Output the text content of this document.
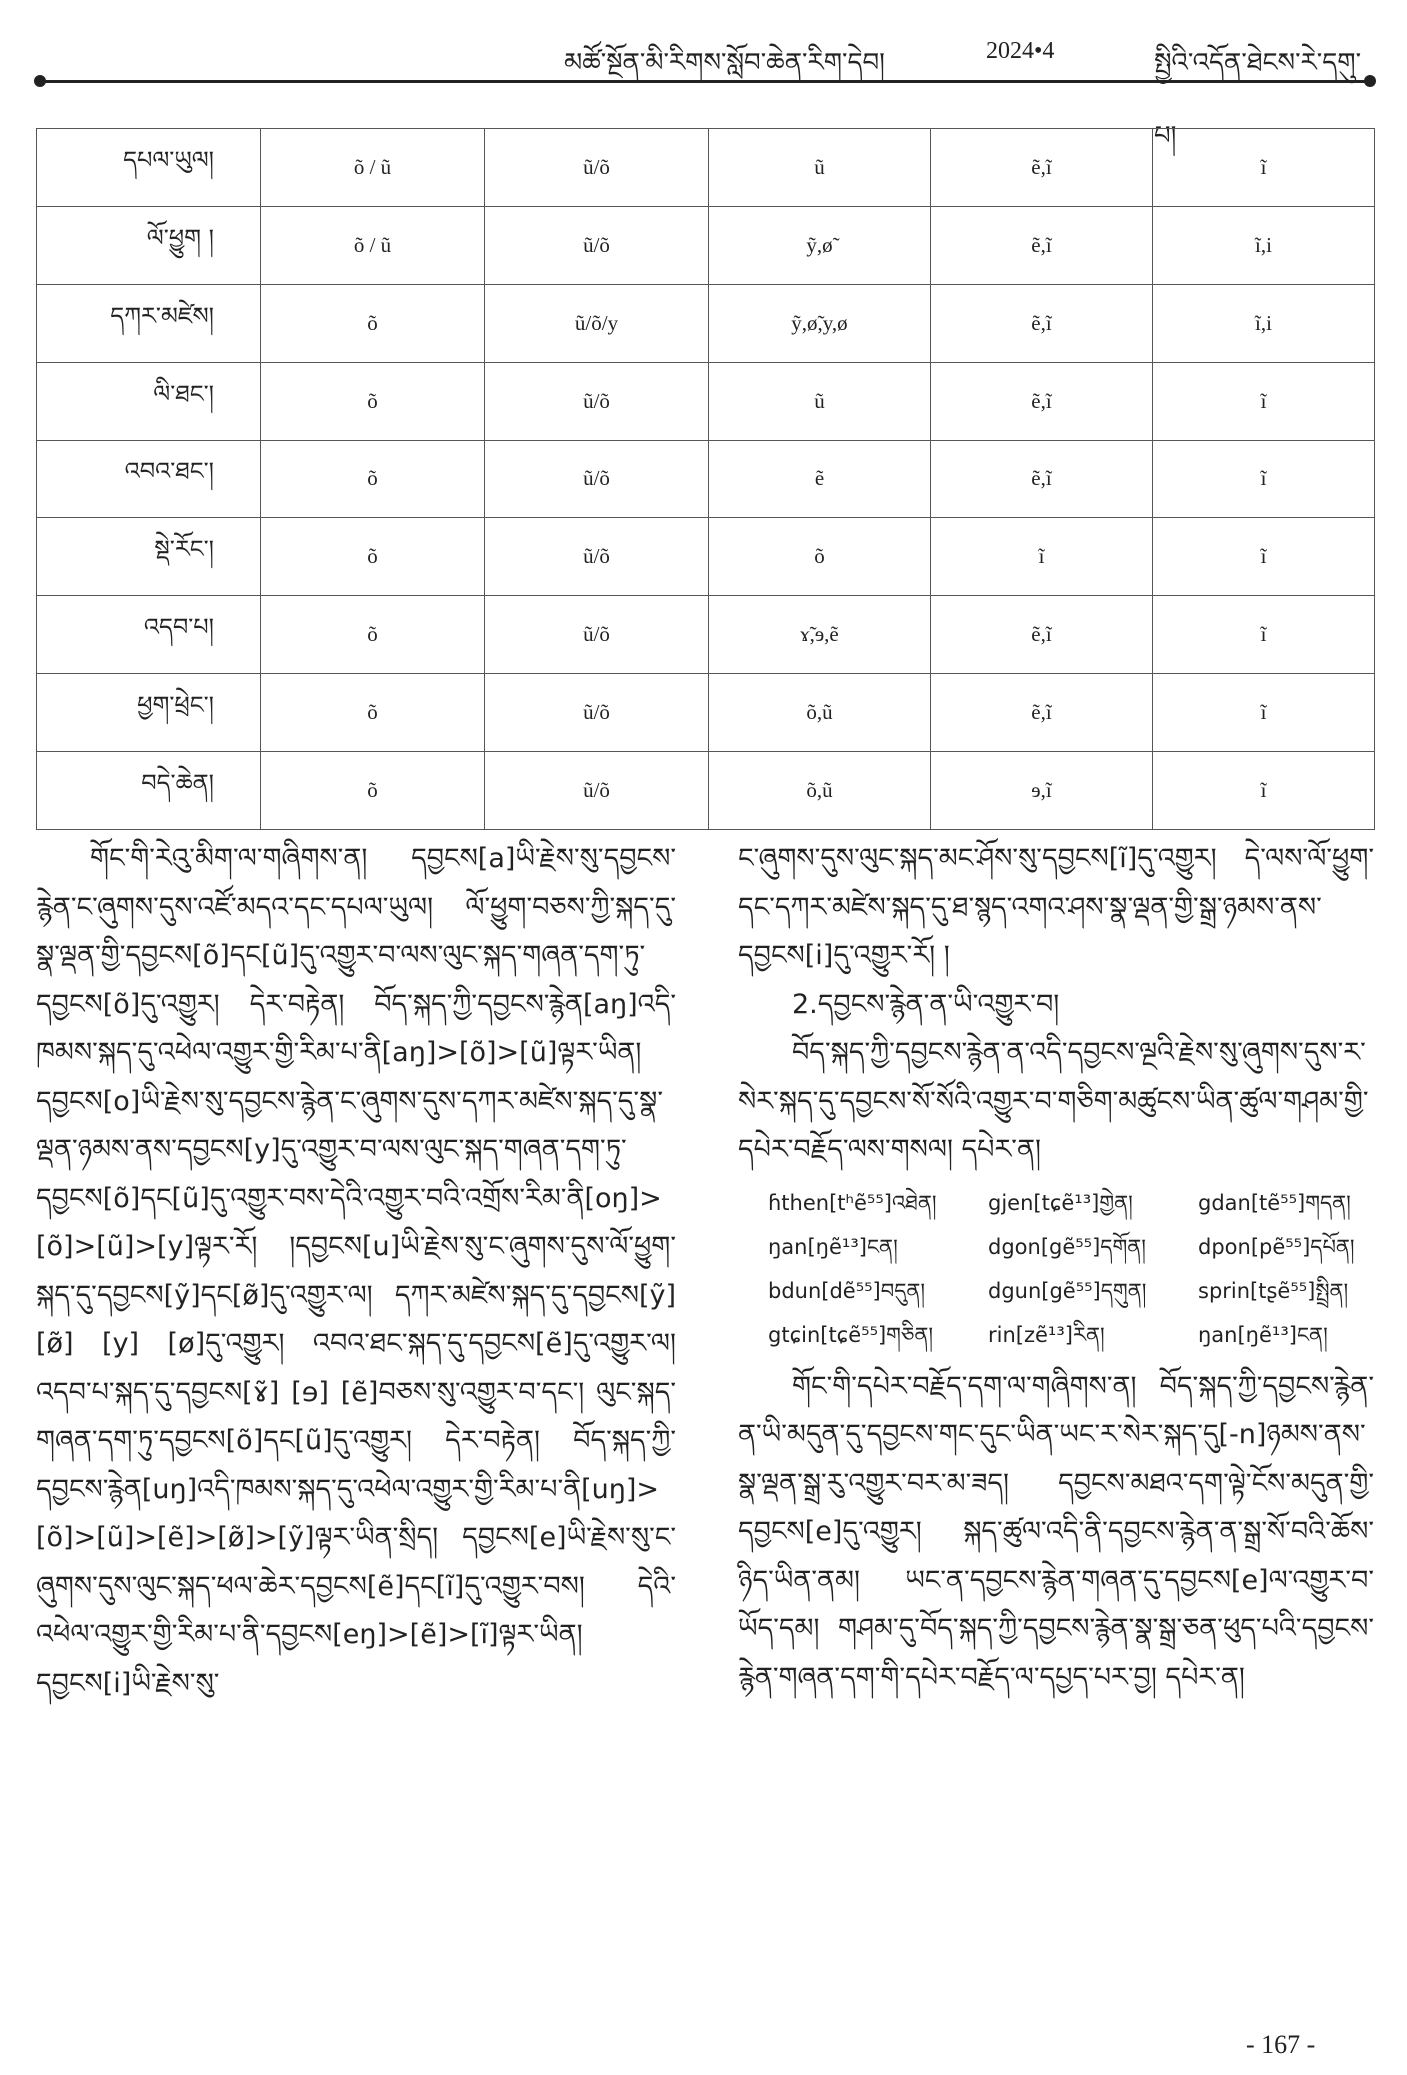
མཚོ་སྔོན་མི་རིགས་སློབ་ཆེན་རིག་དེབ།	2024•4	སྤྱིའི་འདོན་ཐེངས་རེ་དགུ་པ།
དཔལ་ཡུལ།	õ / ũ	ũ/õ	ũ	ẽ,ĩ	ĩ
ལོ་ཕྱུག །	õ / ũ	ũ/õ	ỹ,ø̃	ẽ,ĩ	ĩ,i
དཀར་མཛེས།	õ	ũ/õ/y	ỹ,ø̃,y,ø	ẽ,ĩ	ĩ,i
ལི་ཐང་།	õ	ũ/õ	ũ	ẽ,ĩ	ĩ
འབའ་ཐང་།	õ	ũ/õ	ẽ	ẽ,ĩ	ĩ
སྡེ་རོང་།	õ	ũ/õ	õ	ĩ	ĩ
འདབ་པ།	õ	ũ/õ	ɤ̃,ɘ,ẽ	ẽ,ĩ	ĩ
ཕྱག་ཕྲེང་།	õ	ũ/õ	õ,ũ	ẽ,ĩ	ĩ
བདེ་ཆེན།	õ	ũ/õ	õ,ũ	ɘ,ĩ	ĩ

གོང་གི་རེའུ་མིག་ལ་གཞིགས་ན། དབྱངས[a]ཡི་རྗེས་སུ་དབྱངས་རྙེན་ང་ཞུགས་དུས་འཛོ་མདའ་དང་དཔལ་ཡུལ། ལོ་ཕྱུག་བཅས་ཀྱི་སྐད་དུ་སྣ་ལྡན་གྱི་དབྱངས[õ]དང[ũ]དུ་འགྱུར་བ་ལས་ལུང་སྐད་གཞན་དག་ཏུ་དབྱངས[õ]དུ་འགྱུར། དེར་བརྟེན། བོད་སྐད་ཀྱི་དབྱངས་རྙེན[aŋ]འདི་ཁམས་སྐད་དུ་འཕེལ་འགྱུར་གྱི་རིམ་པ་ནི[aŋ]>[õ]>[ũ]ལྟར་ཡིན། དབྱངས[o]ཡི་རྗེས་སུ་དབྱངས་རྙེན་ང་ཞུགས་དུས་དཀར་མཛེས་སྐད་དུ་སྣ་ལྡན་ཉམས་ནས་དབྱངས[y]དུ་འགྱུར་བ་ལས་ལུང་སྐད་གཞན་དག་ཏུ་དབྱངས[õ]དང[ũ]དུ་འགྱུར་བས་དེའི་འགྱུར་བའི་འགྲོས་རིམ་ནི[oŋ]>[õ]>[ũ]>[y]ལྟར་རོ། །དབྱངས[u]ཡི་རྗེས་སུ་ང་ཞུགས་དུས་ལོ་ཕྱུག་སྐད་དུ་དབྱངས[ỹ]དང[ø̃]དུ་འགྱུར་ལ། དཀར་མཛེས་སྐད་དུ་དབྱངས[ỹ] [ø̃] [y] [ø]དུ་འགྱུར། འབའ་ཐང་སྐད་དུ་དབྱངས[ẽ]དུ་འགྱུར་ལ། འདབ་པ་སྐད་དུ་དབྱངས[ɤ̃] [ɘ] [ẽ]བཅས་སུ་འགྱུར་བ་དང་། ལུང་སྐད་གཞན་དག་ཏུ་དབྱངས[õ]དང[ũ]དུ་འགྱུར། དེར་བརྟེན། བོད་སྐད་ཀྱི་དབྱངས་རྙེན[uŋ]འདི་ཁམས་སྐད་དུ་འཕེལ་འགྱུར་གྱི་རིམ་པ་ནི[uŋ]>[õ]>[ũ]>[ẽ]>[ø̃]>[ỹ]ལྟར་ཡིན་སྲིད། དབྱངས[e]ཡི་རྗེས་སུ་ང་ཞུགས་དུས་ལུང་སྐད་ཕལ་ཆེར་དབྱངས[ẽ]དང[ĩ]དུ་འགྱུར་བས། དེའི་འཕེལ་འགྱུར་གྱི་རིམ་པ་ནི་དབྱངས[eŋ]>[ẽ]>[ĩ]ལྟར་ཡིན། དབྱངས[i]ཡི་རྗེས་སུ་

ང་ཞུགས་དུས་ལུང་སྐད་མང་ཤོས་སུ་དབྱངས[ĩ]དུ་འགྱུར། དེ་ལས་ལོ་ཕྱུག་དང་དཀར་མཛེས་སྐད་དུ་ཐ་སྙད་འགའ་ཤས་སྣ་ལྡན་གྱི་སྒྲ་ཉམས་ནས་དབྱངས[i]དུ་འགྱུར་རོ། །

2.དབྱངས་རྙེན་ན་ཡི་འགྱུར་བ།

བོད་སྐད་ཀྱི་དབྱངས་རྙེན་ན་འདི་དབྱངས་ལྔའི་རྗེས་སུ་ཞུགས་དུས་ར་སེར་སྐད་དུ་དབྱངས་སོ་སོའི་འགྱུར་བ་གཅིག་མཚུངས་ཡིན་ཚུལ་གཤམ་གྱི་དཔེར་བརྗོད་ལས་གསལ། དཔེར་ན།

ɦthen[tʰẽ⁵⁵]འཐེན།	gjen[tɕẽ¹³]གྱེན།	gdan[tẽ⁵⁵]གདན།
ŋan[ŋẽ¹³]ངན།	dgon[gẽ⁵⁵]དགོན།	dpon[pẽ⁵⁵]དཔོན།
bdun[dẽ⁵⁵]བདུན།	dgun[gẽ⁵⁵]དགུན།	sprin[tʂẽ⁵⁵]སྤྲིན།
gtɕin[tɕẽ⁵⁵]གཅིན།	rin[zẽ¹³]རིན།	ŋan[ŋẽ¹³]ངན།

གོང་གི་དཔེར་བརྗོད་དག་ལ་གཞིགས་ན། བོད་སྐད་ཀྱི་དབྱངས་རྙེན་ན་ཡི་མདུན་དུ་དབྱངས་གང་དུང་ཡིན་ཡང་ར་སེར་སྐད་དུ[-n]ཉམས་ནས་སྣ་ལྡན་སྒྲ་རུ་འགྱུར་བར་མ་ཟད། དབྱངས་མཐའ་དག་ལྟེ་ངོས་མདུན་གྱི་དབྱངས[e]དུ་འགྱུར། སྐད་ཚུལ་འདི་ནི་དབྱངས་རྙེན་ན་སྒྲ་སོ་བའི་ཆོས་ཉིད་ཡིན་ནམ། ཡང་ན་དབྱངས་རྙེན་གཞན་དུ་དབྱངས[e]ལ་འགྱུར་བ་ཡོད་དམ། གཤམ་དུ་བོད་སྐད་ཀྱི་དབྱངས་རྙེན་སྣ་སྒྲ་ཅན་ཕུད་པའི་དབྱངས་རྙེན་གཞན་དག་གི་དཔེར་བརྗོད་ལ་དཔྱད་པར་བྱ། དཔེར་ན།

- 167 -
